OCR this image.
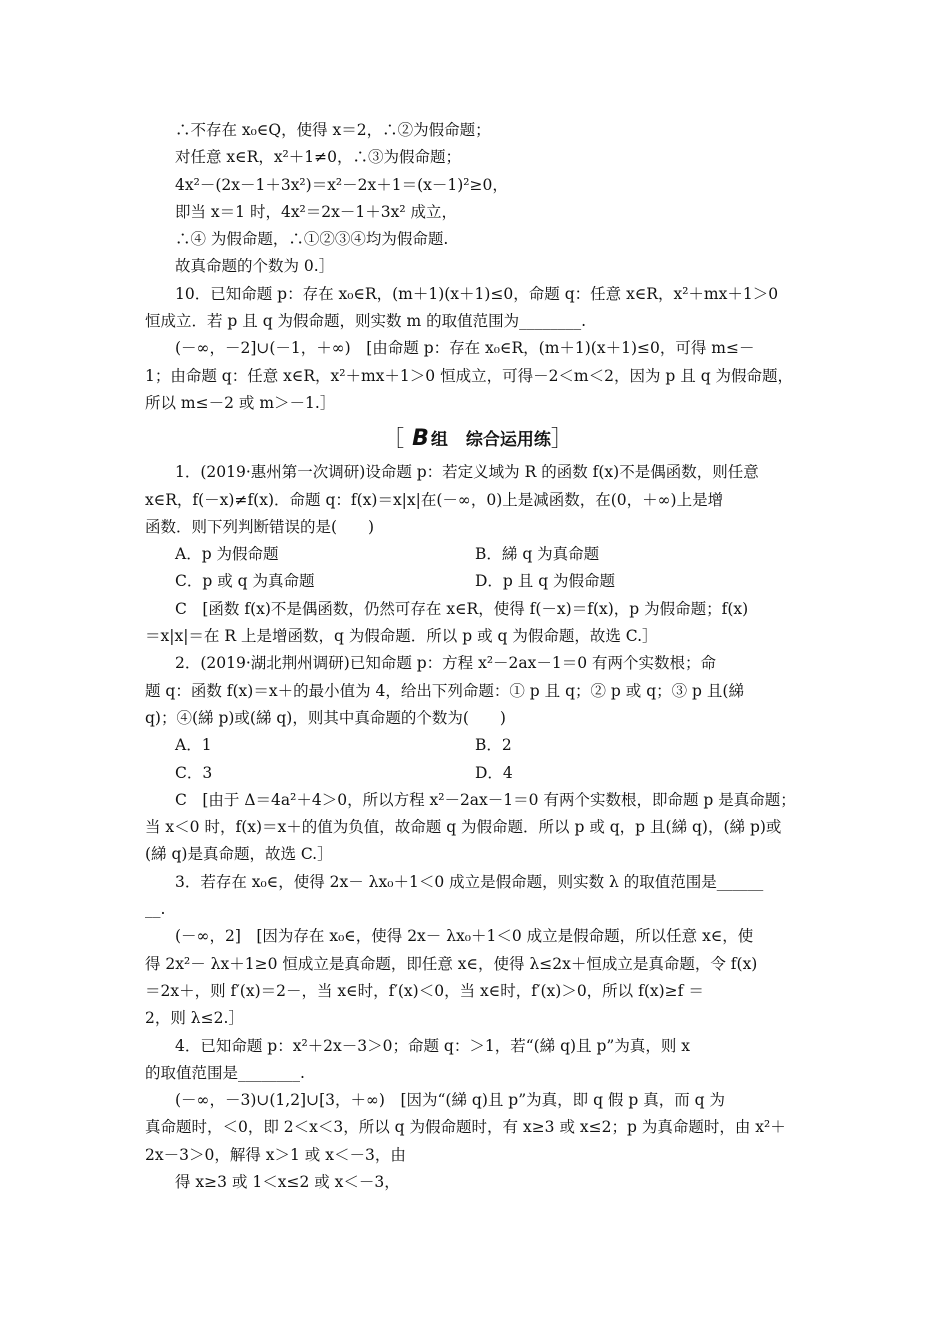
∴不存在 x₀∈Q，使得 x＝2，∴②为假命题；
对任意 x∈R，x²＋1≠0，∴③为假命题；
4x²－(2x－1＋3x²)＝x²－2x＋1＝(x－1)²≥0，
即当 x＝1 时，4x²＝2x－1＋3x² 成立，
∴④ 为假命题，∴①②③④均为假命题.
故真命题的个数为 0.］
10．已知命题 p：存在 x₀∈R，(m＋1)(x＋1)≤0，命题 q：任意 x∈R，x²＋mx＋1＞0
恒成立．若 p 且 q 为假命题，则实数 m 的取值范围为________.
(－∞，－2]∪(－1，＋∞)　[由命题 p：存在 x₀∈R，(m＋1)(x＋1)≤0，可得 m≤－
1；由命题 q：任意 x∈R，x²＋mx＋1＞0 恒成立，可得－2＜m＜2，因为 p 且 q 为假命题，
所以 m≤－2 或 m＞－1.］
［ B 组 综合运用练］
1．(2019·惠州第一次调研)设命题 p：若定义域为 R 的函数 f(x)不是偶函数，则任意
x∈R，f(－x)≠f(x)．命题 q：f(x)＝x|x|在(－∞，0)上是减函数，在(0，＋∞)上是增
函数．则下列判断错误的是(　　)
A．p 为假命题	B．綈 q 为真命题
C．p 或 q 为真命题	D．p 且 q 为假命题
C　[函数 f(x)不是偶函数，仍然可存在 x∈R，使得 f(－x)＝f(x)，p 为假命题；f(x)
＝x|x|＝在 R 上是增函数，q 为假命题．所以 p 或 q 为假命题，故选 C.］
2．(2019·湖北荆州调研)已知命题 p：方程 x²－2ax－1＝0 有两个实数根；命
题 q：函数 f(x)＝x＋的最小值为 4，给出下列命题：① p 且 q；② p 或 q；③ p 且(綈
q)；④(綈 p)或(綈 q)，则其中真命题的个数为(　　)
A．1	B．2
C．3	D．4
C　[由于 Δ＝4a²＋4＞0，所以方程 x²－2ax－1＝0 有两个实数根，即命题 p 是真命题；
当 x＜0 时，f(x)＝x＋的值为负值，故命题 q 为假命题．所以 p 或 q，p 且(綈 q)，(綈 p)或
(綈 q)是真命题，故选 C.］
3．若存在 x₀∈，使得 2x－ λx₀＋1＜0 成立是假命题，则实数 λ 的取值范围是______
__.
(－∞，2]　[因为存在 x₀∈，使得 2x－ λx₀＋1＜0 成立是假命题，所以任意 x∈，使
得 2x²－ λx＋1≥0 恒成立是真命题，即任意 x∈，使得 λ≤2x＋恒成立是真命题，令 f(x)
＝2x＋，则 f′(x)＝2－，当 x∈时，f′(x)＜0，当 x∈时，f′(x)＞0，所以 f(x)≥f ＝
2，则 λ≤2.］
4．已知命题 p：x²＋2x－3＞0；命题 q：＞1，若“(綈 q)且 p”为真，则 x
的取值范围是________.
(－∞，－3)∪(1,2]∪[3，＋∞)　[因为“(綈 q)且 p”为真，即 q 假 p 真，而 q 为
真命题时，＜0，即 2＜x＜3，所以 q 为假命题时，有 x≥3 或 x≤2；p 为真命题时，由 x²＋
2x－3＞0，解得 x＞1 或 x＜－3，由
得 x≥3 或 1＜x≤2 或 x＜－3，
